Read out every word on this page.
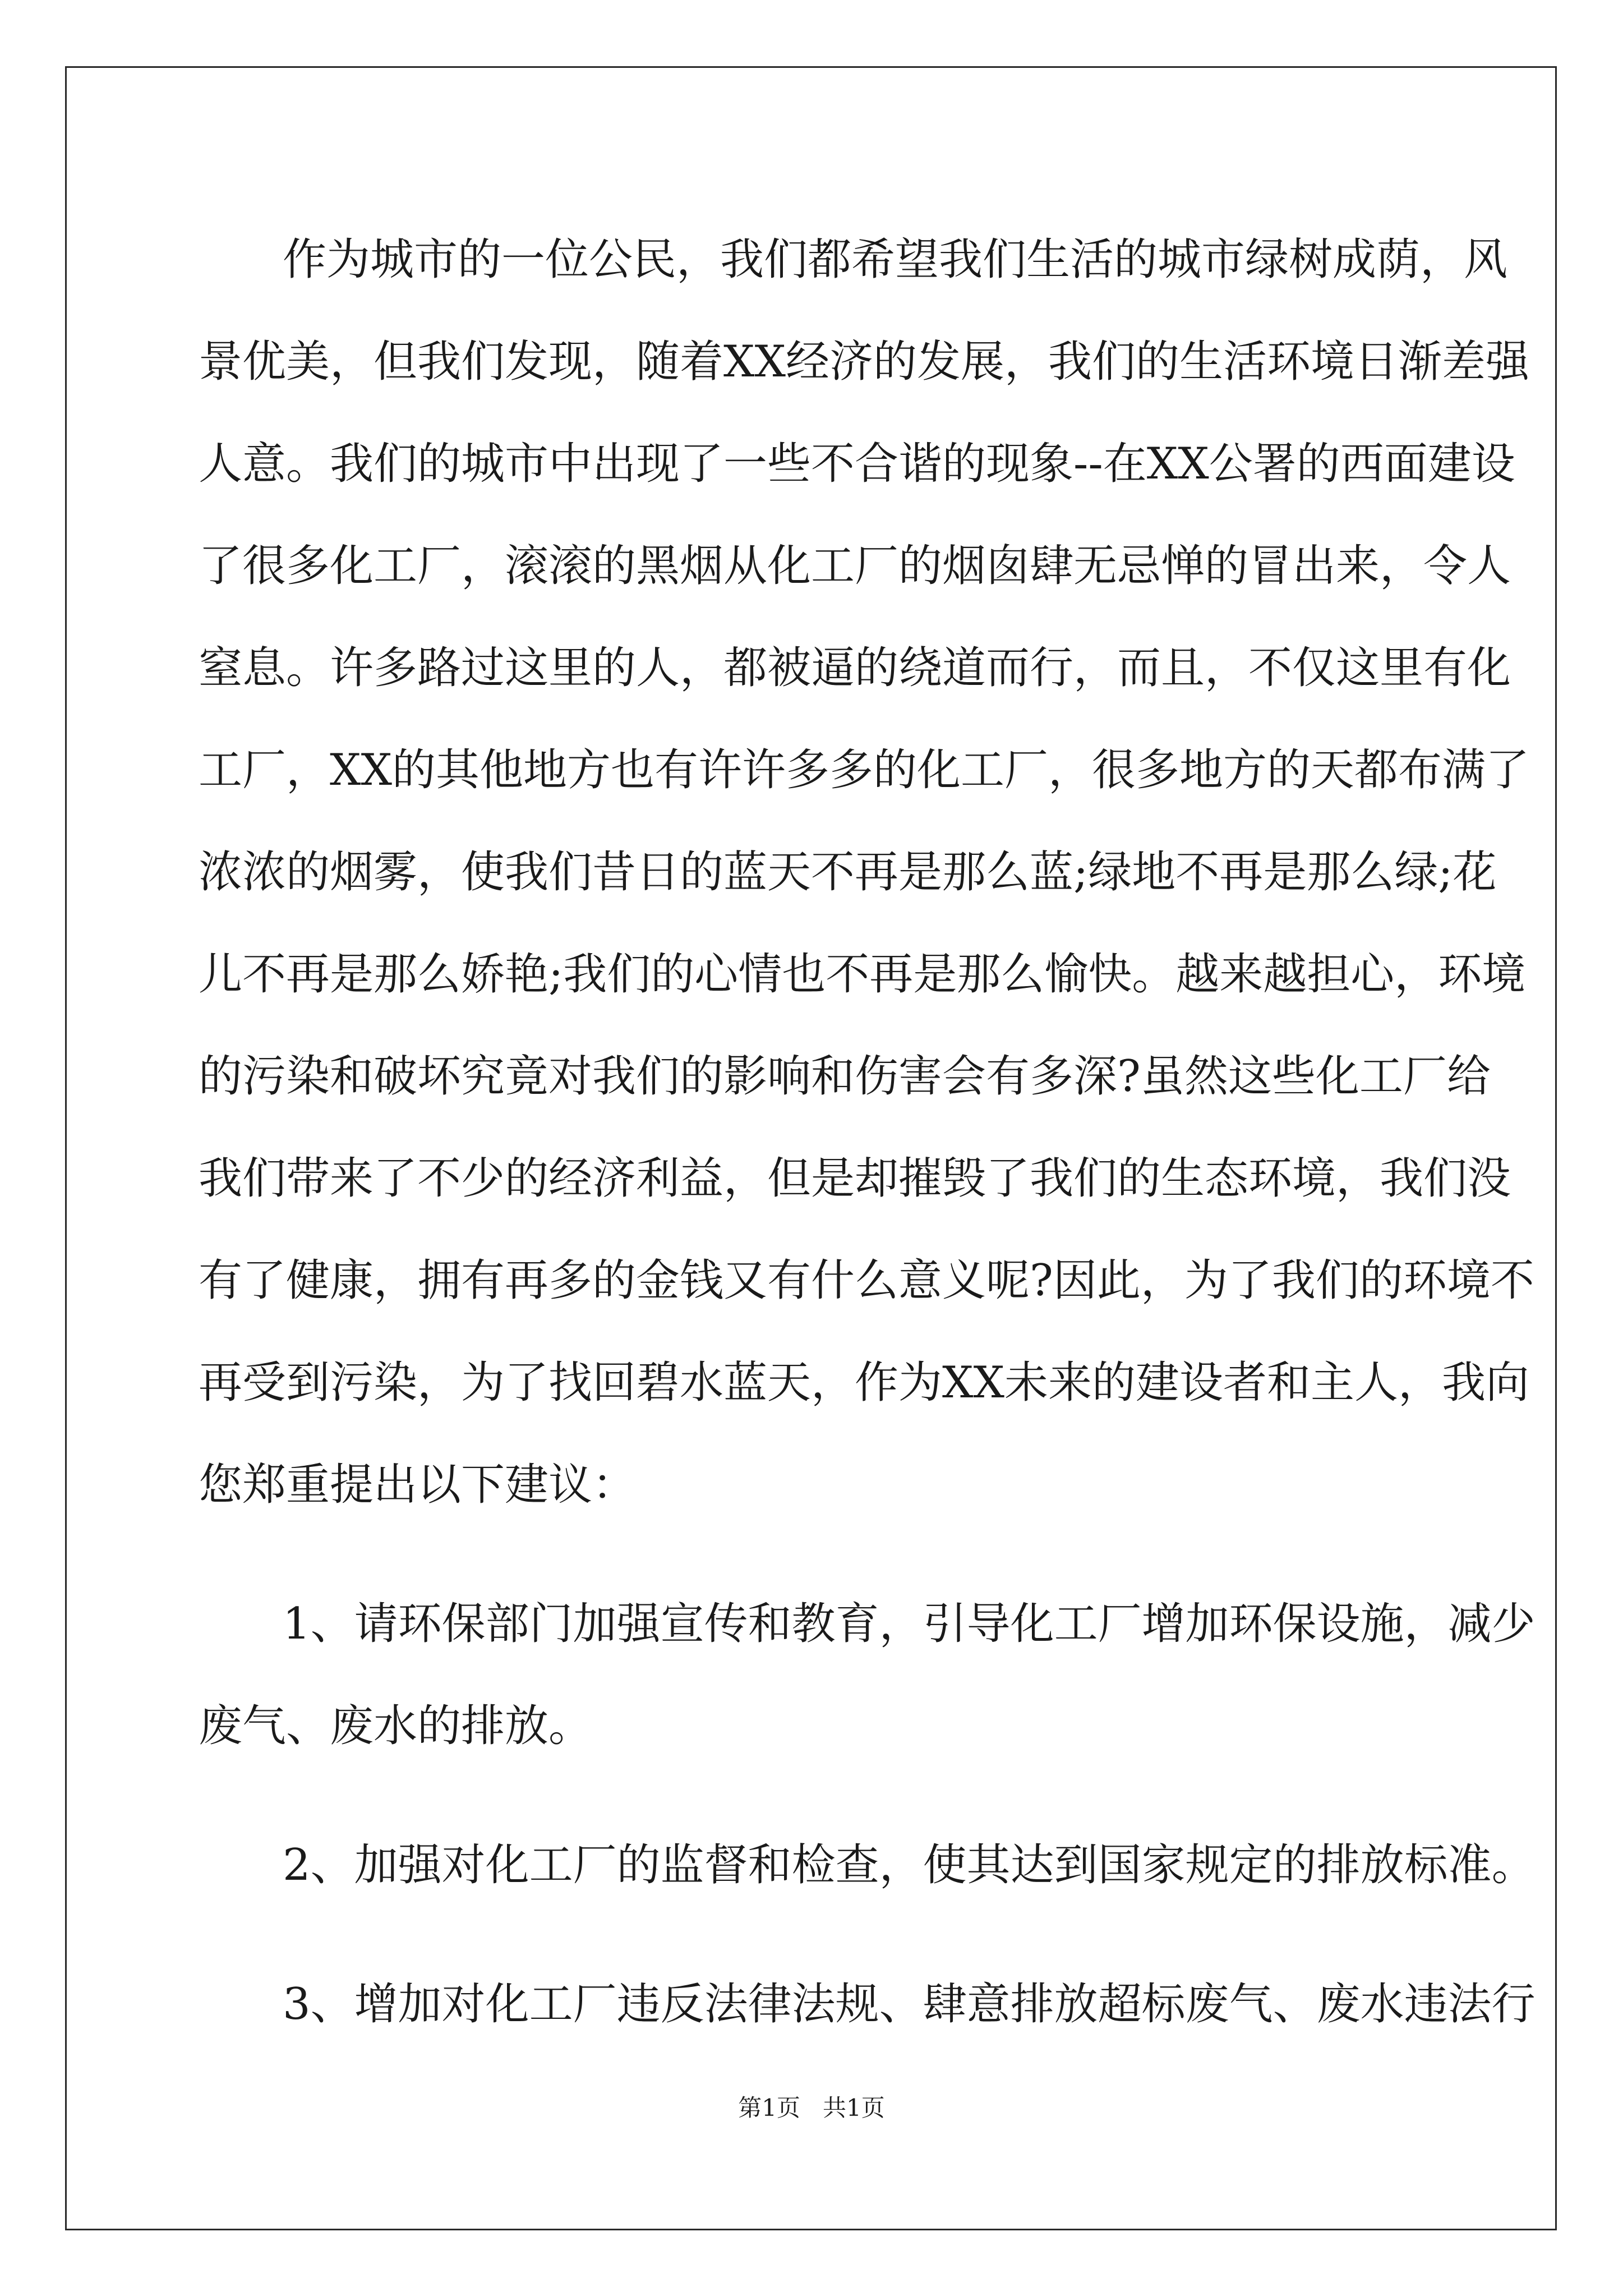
作为城市的一位公民，我们都希望我们生活的城市绿树成荫，风
景优美，但我们发现，随着XX经济的发展，我们的生活环境日渐差强
人意。我们的城市中出现了一些不合谐的现象--在XX公署的西面建设
了很多化工厂，滚滚的黑烟从化工厂的烟囱肆无忌惮的冒出来，令人
窒息。许多路过这里的人，都被逼的绕道而行，而且，不仅这里有化
工厂，XX的其他地方也有许许多多的化工厂，很多地方的天都布满了
浓浓的烟雾，使我们昔日的蓝天不再是那么蓝;绿地不再是那么绿;花
儿不再是那么娇艳;我们的心情也不再是那么愉快。越来越担心，环境
的污染和破坏究竟对我们的影响和伤害会有多深?虽然这些化工厂给
我们带来了不少的经济利益，但是却摧毁了我们的生态环境，我们没
有了健康，拥有再多的金钱又有什么意义呢?因此，为了我们的环境不
再受到污染，为了找回碧水蓝天，作为XX未来的建设者和主人，我向
您郑重提出以下建议：
1、请环保部门加强宣传和教育，引导化工厂增加环保设施，减少
废气、废水的排放。
2、加强对化工厂的监督和检查，使其达到国家规定的排放标准。
3、增加对化工厂违反法律法规、肆意排放超标废气、废水违法行
第1页 共1页
